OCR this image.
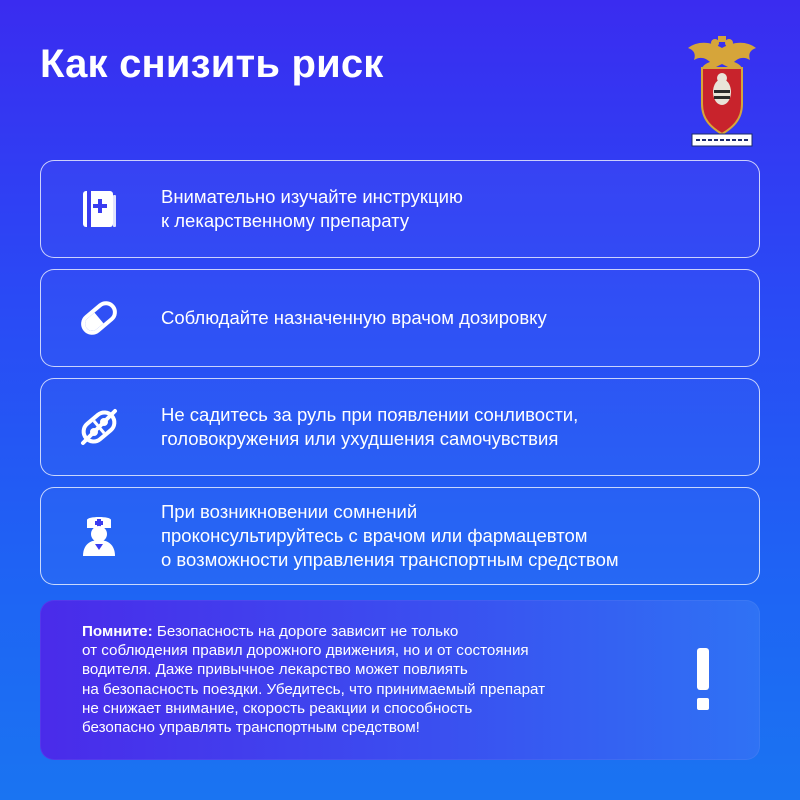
Как снизить риск
Внимательно изучайте инструкцию
к лекарственному препарату
Соблюдайте назначенную врачом дозировку
Не садитесь за руль при появлении сонливости,
головокружения или ухудшения самочувствия
При возникновении сомнений
проконсультируйтесь с врачом или фармацевтом
о возможности управления транспортным средством
Помните: Безопасность на дороге зависит не только
от соблюдения правил дорожного движения, но и от состояния
водителя. Даже привычное лекарство может повлиять
на безопасность поездки. Убедитесь, что принимаемый препарат
не снижает внимание, скорость реакции и способность
безопасно управлять транспортным средством!
